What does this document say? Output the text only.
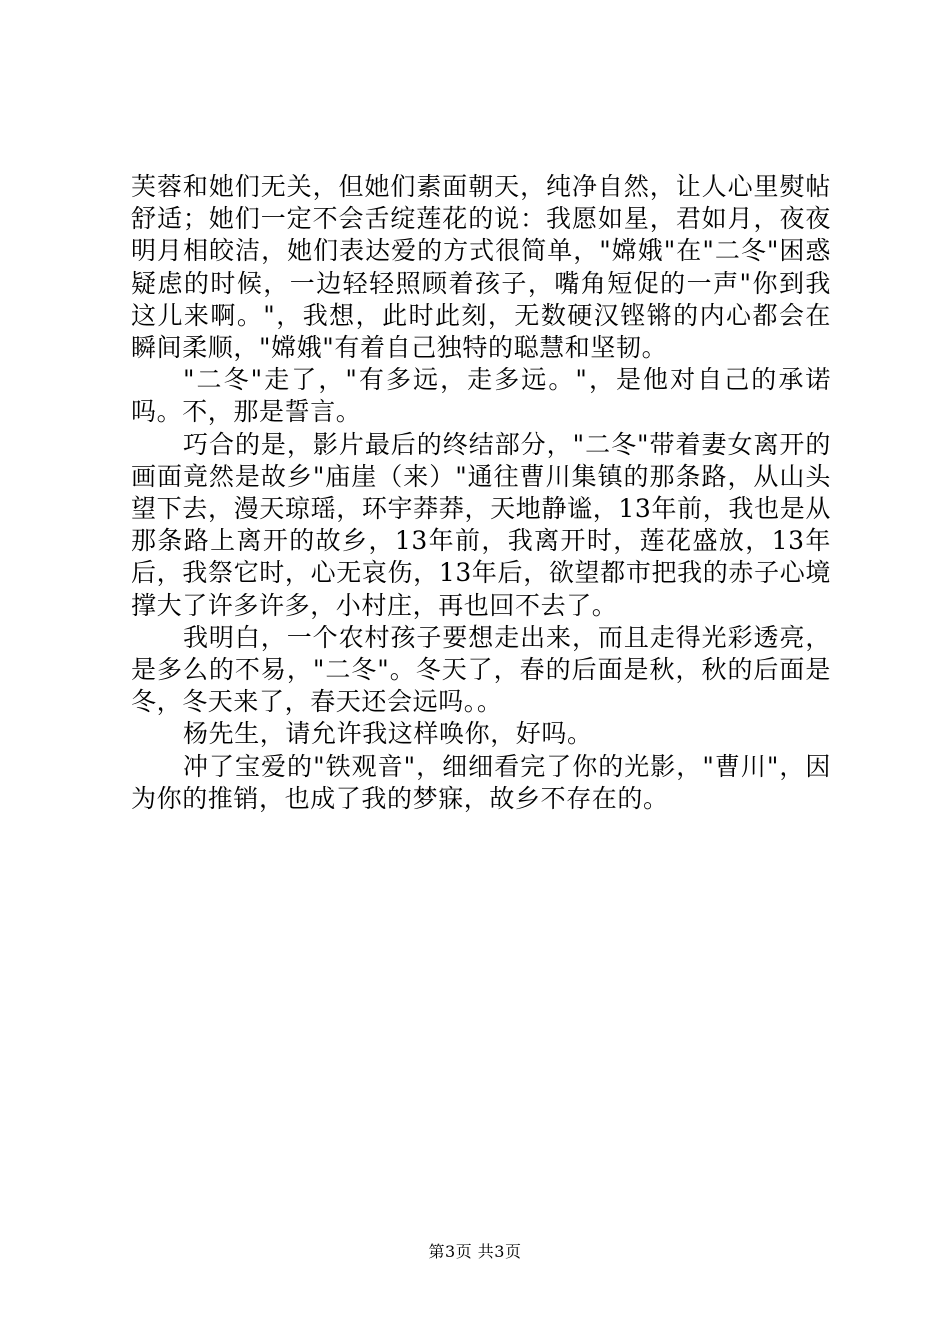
芙蓉和她们无关，但她们素面朝天，纯净自然，让人心里熨帖舒适；她们一定不会舌绽莲花的说：我愿如星，君如月，夜夜明月相皎洁，她们表达爱的方式很简单，"嫦娥"在"二冬"困惑疑虑的时候，一边轻轻照顾着孩子，嘴角短促的一声"你到我这儿来啊。"，我想，此时此刻，无数硬汉铿锵的内心都会在瞬间柔顺，"嫦娥"有着自己独特的聪慧和坚韧。

"二冬"走了，"有多远，走多远。"，是他对自己的承诺吗。不，那是誓言。

巧合的是，影片最后的终结部分，"二冬"带着妻女离开的画面竟然是故乡"庙崖（来）"通往曹川集镇的那条路，从山头望下去，漫天琼瑶，环宇莽莽，天地静谧，13年前，我也是从那条路上离开的故乡，13年前，我离开时，莲花盛放，13年后，我祭它时，心无哀伤，13年后，欲望都市把我的赤子心境撑大了许多许多，小村庄，再也回不去了。

我明白，一个农村孩子要想走出来，而且走得光彩透亮，是多么的不易，"二冬"。冬天了，春的后面是秋，秋的后面是冬，冬天来了，春天还会远吗。。

杨先生，请允许我这样唤你，好吗。

冲了宝爱的"铁观音"，细细看完了你的光影，"曹川"，因为你的推销，也成了我的梦寐，故乡不存在的。

第3页 共3页
